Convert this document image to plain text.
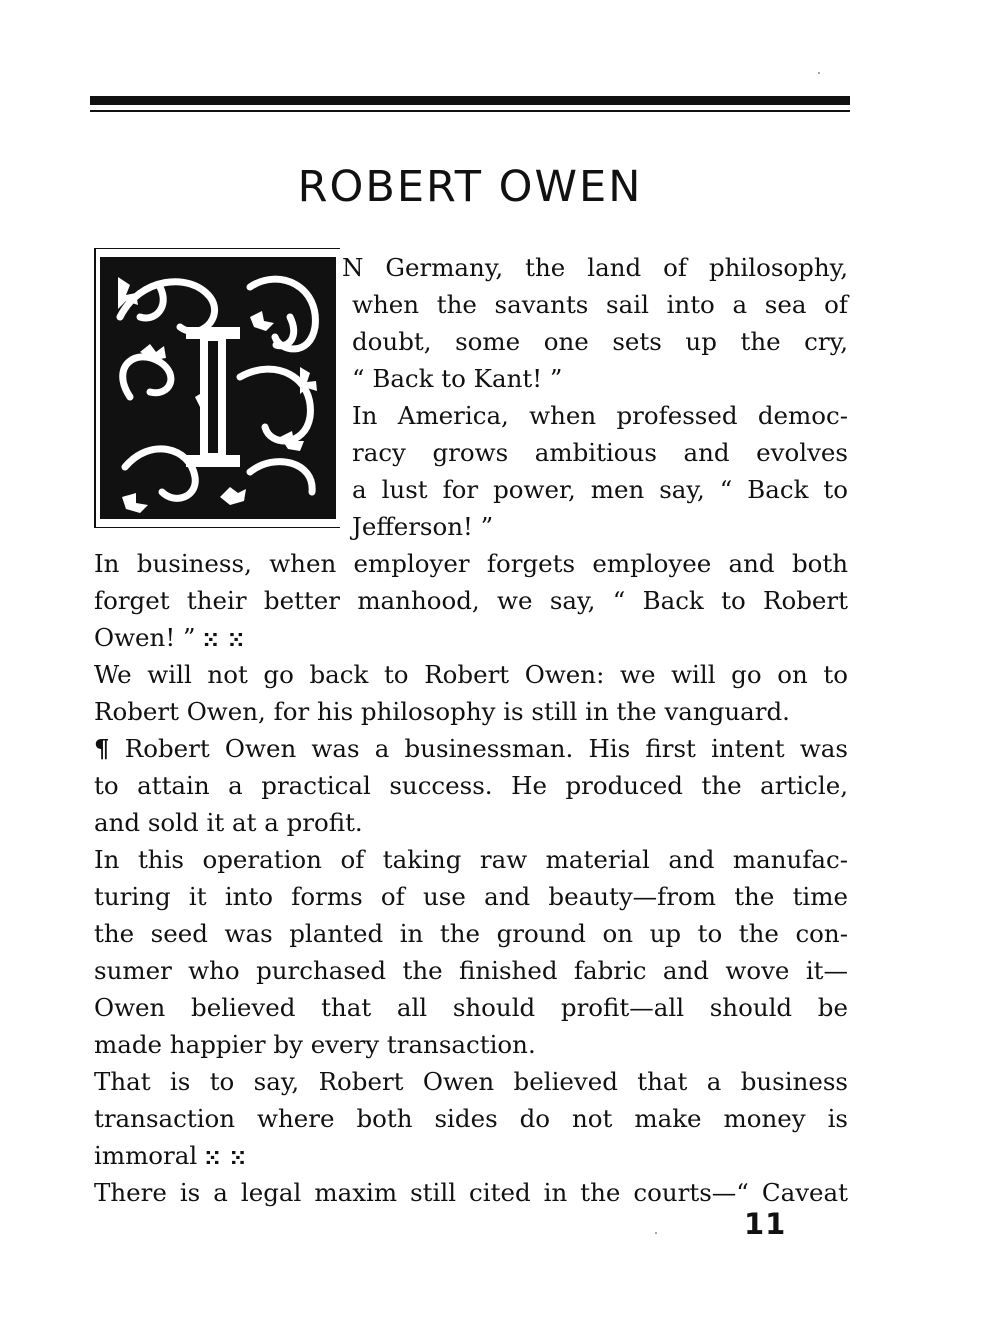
ROBERT OWEN
N Germany, the land of philosophy,
when the savants sail into a sea of
doubt, some one sets up the cry,
“ Back to Kant! ”
In America, when professed democ-
racy grows ambitious and evolves
a lust for power, men say, “ Back to
Jefferson! ”
In business, when employer forgets employee and both
forget their better manhood, we say, “ Back to Robert
Owen! ” ⵘ ⵘ
We will not go back to Robert Owen: we will go on to
Robert Owen, for his philosophy is still in the vanguard.
¶ Robert Owen was a businessman. His first intent was
to attain a practical success. He produced the article,
and sold it at a profit.
In this operation of taking raw material and manufac-
turing it into forms of use and beauty—from the time
the seed was planted in the ground on up to the con-
sumer who purchased the finished fabric and wove it—
Owen believed that all should profit—all should be
made happier by every transaction.
That is to say, Robert Owen believed that a business
transaction where both sides do not make money is
immoral ⵘ ⵘ
There is a legal maxim still cited in the courts—“ Caveat
11
